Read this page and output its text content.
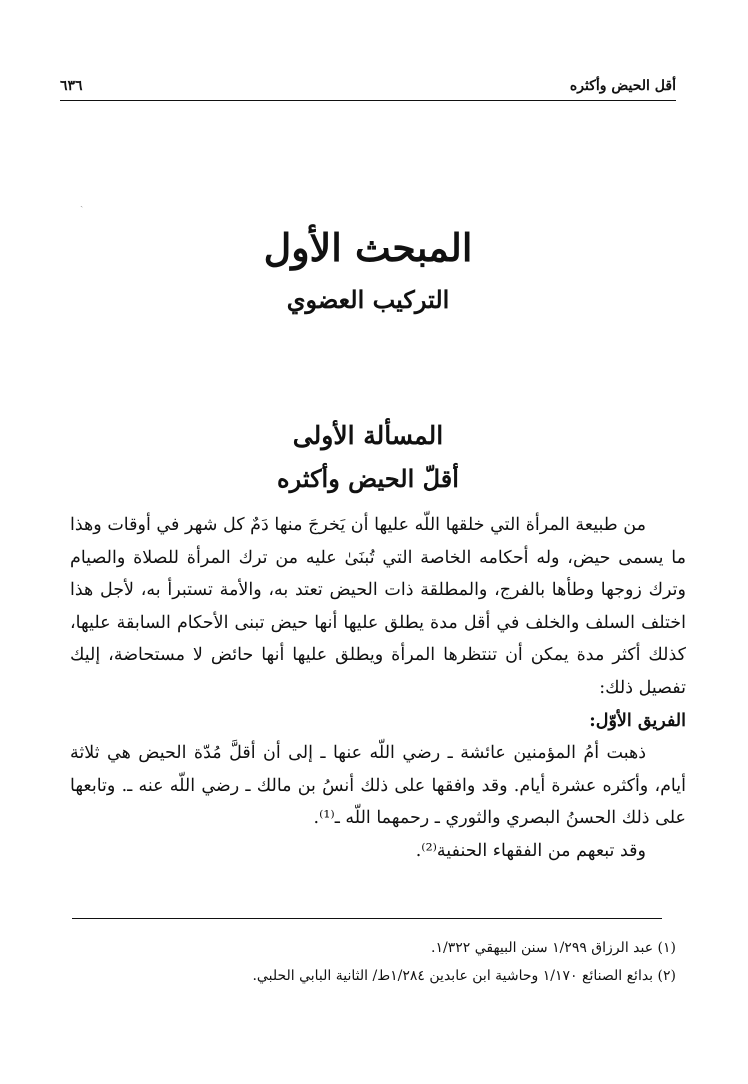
أقل الحيض وأكثره
٦٣٦
ˎ
المبحث الأول
التركيب العضوي
المسألة الأولى
أقلّ الحيض وأكثره

من طبيعة المرأة التي خلقها اللّه عليها أن يَخرجَ منها دَمٌ كل شهر في أوقات وهذا ما يسمى حيض، وله أحكامه الخاصة التي تُبنَىٰ عليه من ترك المرأة للصلاة والصيام وترك زوجها وطأها بالفرج، والمطلقة ذات الحيض تعتد به، والأمة تستبرأ به، لأجل هذا اختلف السلف والخلف في أقل مدة يطلق عليها أنها حيض تبنى الأحكام السابقة عليها، كذلك أكثر مدة يمكن أن تنتظرها المرأة ويطلق عليها أنها حائض لا مستحاضة، إليك تفصيل ذلك:

الفريق الأوّل:

ذهبت أمُ المؤمنين عائشة ـ رضي اللّه عنها ـ إلى أن أقلَّ مُدّة الحيض هي ثلاثة أيام، وأكثره عشرة أيام. وقد وافقها على ذلك أنسُ بن مالك ـ رضي اللّه عنه ـ. وتابعها على ذلك الحسنُ البصري والثوري ـ رحمهما اللّه ـ⁽¹⁾.

وقد تبعهم من الفقهاء الحنفية⁽²⁾.

(١) عبد الرزاق ١/٢٩٩ سنن البيهقي ١/٣٢٢.

(٢) بدائع الصنائع ١/١٧٠ وحاشية ابن عابدين ١/٢٨٤ط/ الثانية البابي الحلبي.
